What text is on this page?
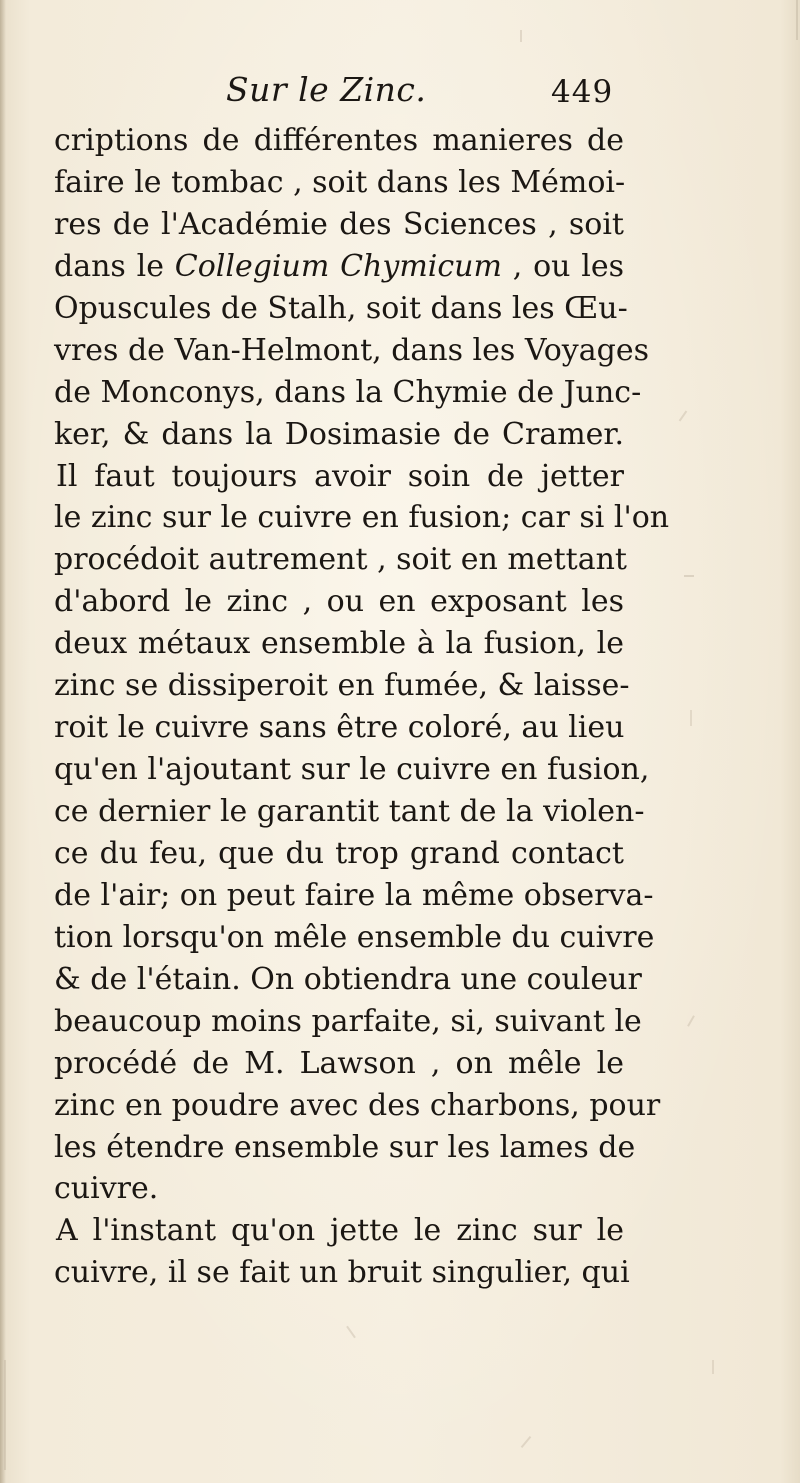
Sur le Zinc.	449
criptions de différentes manieres de
faire le tombac , soit dans les Mémoi-
res de l'Académie des Sciences , soit
dans le Collegium Chymicum , ou les
Opuscules de Stalh, soit dans les Œu-
vres de Van-Helmont, dans les Voyages
de Monconys, dans la Chymie de Junc-
ker, & dans la Dosimasie de Cramer.
Il faut toujours avoir soin de jetter
le zinc sur le cuivre en fusion; car si l'on
procédoit autrement , soit en mettant
d'abord le zinc , ou en exposant les
deux métaux ensemble à la fusion, le
zinc se dissiperoit en fumée, & laisse-
roit le cuivre sans être coloré, au lieu
qu'en l'ajoutant sur le cuivre en fusion,
ce dernier le garantit tant de la violen-
ce du feu, que du trop grand contact
de l'air; on peut faire la même observa-
tion lorsqu'on mêle ensemble du cuivre
& de l'étain. On obtiendra une couleur
beaucoup moins parfaite, si, suivant le
procédé de M. Lawson , on mêle le
zinc en poudre avec des charbons, pour
les étendre ensemble sur les lames de
cuivre.
A l'instant qu'on jette le zinc sur le
cuivre, il se fait un bruit singulier, qui
